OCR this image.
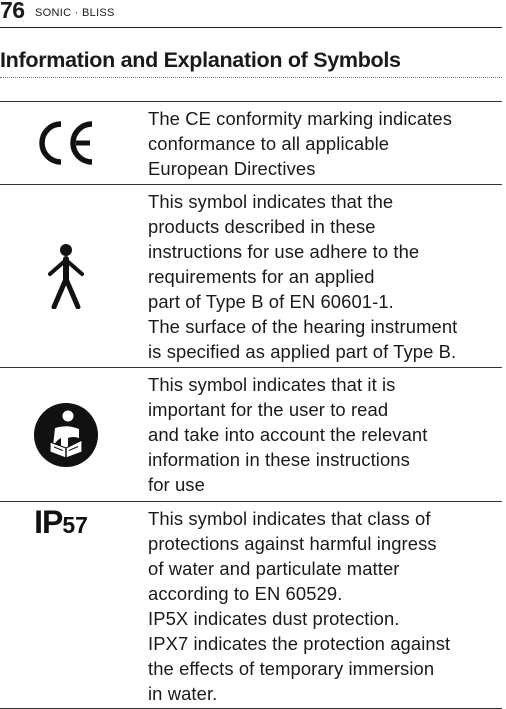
76 SONIC · BLISS
Information and Explanation of Symbols
The CE conformity marking indicates
conformance to all applicable
European Directives
This symbol indicates that the
products described in these
instructions for use adhere to the
requirements for an applied
part of Type B of EN 60601-1.
The surface of the hearing instrument
is specified as applied part of Type B.
This symbol indicates that it is
important for the user to read
and take into account the relevant
information in these instructions
for use
IP57	This symbol indicates that class of
protections against harmful ingress
of water and particulate matter
according to EN 60529.
IP5X indicates dust protection.
IPX7 indicates the protection against
the effects of temporary immersion
in water.
